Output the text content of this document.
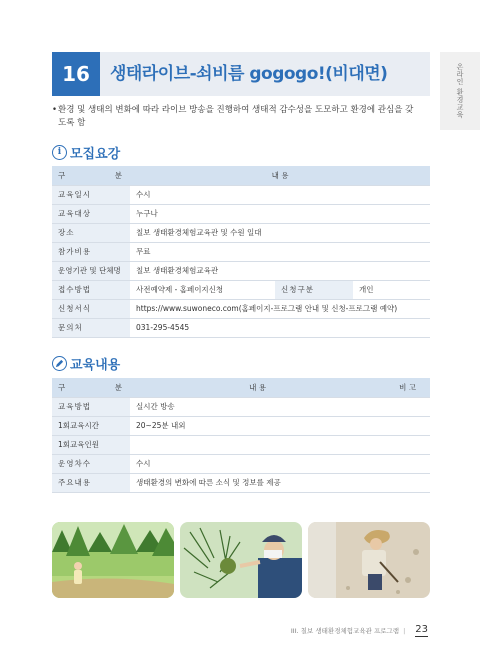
온라인 환경교육
16	생태라이브-쇠비름 gogogo!(비대면)
• 환경 및 생태의 변화에 따라 라이브 방송을 진행하여 생태적 감수성을 도모하고 환경에 관심을 갖도록 함
i 모집요강
구 분	내 용		
교육일시	수시		
교육대상	누구나		
장소	칠보 생태환경체험교육관 및 수원 일대		
참가비용	무료		
운영기관 및 단체명	칠보 생태환경체험교육관		
접수방법	사전예약제 - 홈페이지신청	신청구분	개인
신청서식	https://www.suwoneco.com(홈페이지-프로그램 안내 및 신청-프로그램 예약)		
문의처	031-295-4545		
교육내용
구 분	내 용	비 고
교육방법	실시간 방송	
1회교육시간	20~25분 내외	
1회교육인원		
운영차수	수시	
주요내용	생태환경의 변화에 따른 소식 및 정보를 제공	
III. 칠보 생태환경체험교육관 프로그램 | 23
